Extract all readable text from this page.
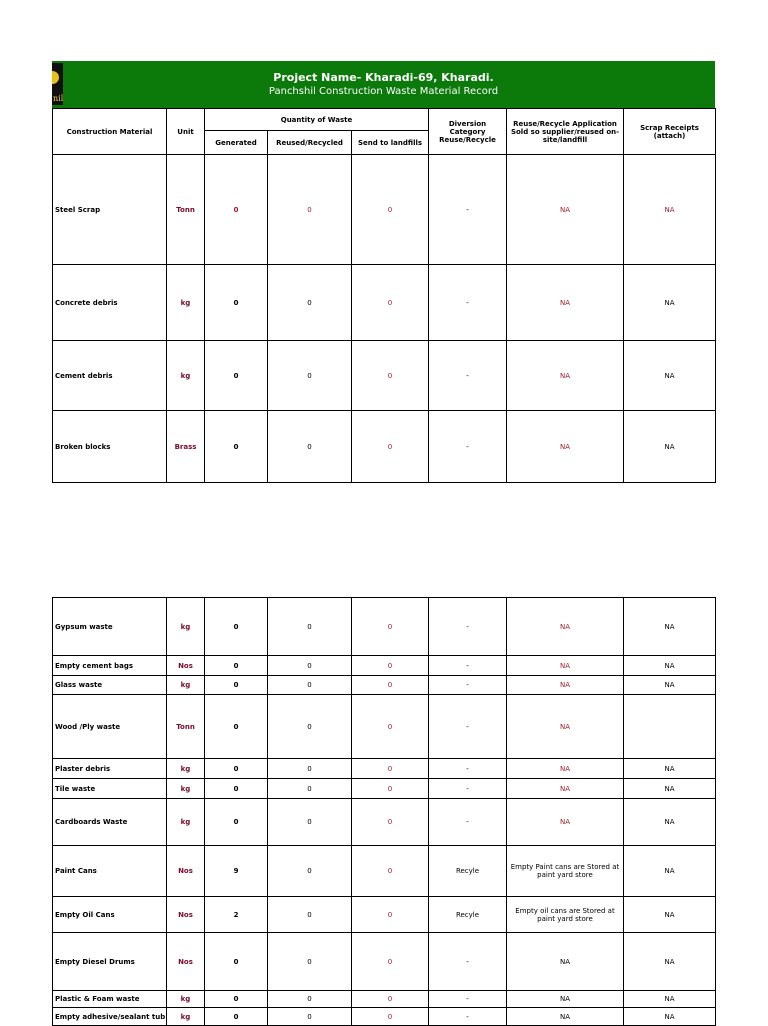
nil
Project Name- Kharadi-69, Kharadi.
Panchshil Construction Waste Material Record
Construction Material	Unit	Quantity of Waste			Diversion Category Reuse/Recycle	Reuse/Recycle Application Sold so supplier/reused on-site/landfill	Scrap Receipts (attach)
		Generated	Reused/Recycled	Send to landfills			
Steel Scrap	Tonn	0	0	0	-	NA	NA
Concrete debris	kg	0	0	0	-	NA	NA
Cement debris	kg	0	0	0	-	NA	NA
Broken blocks	Brass	0	0	0	-	NA	NA
Gypsum waste	kg	0	0	0	-	NA	NA
Empty cement bags	Nos	0	0	0	-	NA	NA
Glass waste	kg	0	0	0	-	NA	NA
Wood /Ply waste	Tonn	0	0	0	-	NA	
Plaster debris	kg	0	0	0	-	NA	NA
Tile waste	kg	0	0	0	-	NA	NA
Cardboards Waste	kg	0	0	0	-	NA	NA
Paint Cans	Nos	9	0	0	Recyle	Empty Paint cans are Stored at paint yard store	NA
Empty Oil Cans	Nos	2	0	0	Recyle	Empty oil cans are Stored at paint yard store	NA
Empty Diesel Drums	Nos	0	0	0	-	NA	NA
Plastic & Foam waste	kg	0	0	0	-	NA	NA
Empty adhesive/sealant tub	kg	0	0	0	-	NA	NA
